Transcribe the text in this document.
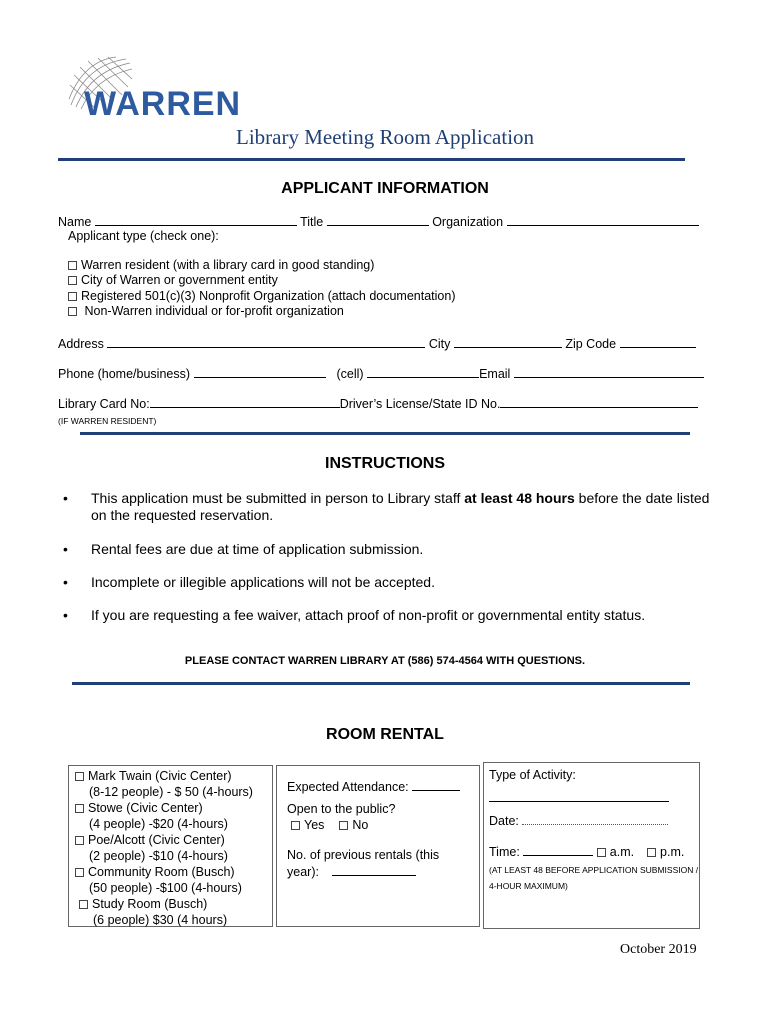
WARREN
Library Meeting Room Application
APPLICANT INFORMATION
Name	Title	Organization
Applicant type (check one):
Warren resident (with a library card in good standing)
City of Warren or government entity
Registered 501(c)(3) Nonprofit Organization (attach documentation)
Non-Warren individual or for-profit organization
Address	City	Zip Code
Phone (home/business)	(cell)	Email
Library Card No:	Driver’s License/State ID No.
(IF WARREN RESIDENT)
INSTRUCTIONS
• This application must be submitted in person to Library staff at least 48 hours before the date listed on the requested reservation.
• Rental fees are due at time of application submission.
• Incomplete or illegible applications will not be accepted.
• If you are requesting a fee waiver, attach proof of non-profit or governmental entity status.
PLEASE CONTACT WARREN LIBRARY AT (586) 574-4564 WITH QUESTIONS.
ROOM RENTAL
Mark Twain (Civic Center)
(8-12 people) - $ 50 (4-hours)
Stowe (Civic Center)
(4 people) -$20 (4-hours)
Poe/Alcott (Civic Center)
(2 people) -$10 (4-hours)
Community Room (Busch)
(50 people) -$100 (4-hours)
Study Room (Busch)
(6 people) $30 (4 hours)
Expected Attendance:
Open to the public?
Yes No
No. of previous rentals (this
year):
Type of Activity:
Date:
Time:	a.m. p.m.
(AT LEAST 48 BEFORE APPLICATION SUBMISSION /
4-HOUR MAXIMUM)
October 2019
